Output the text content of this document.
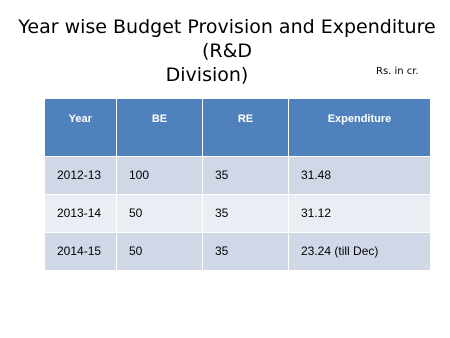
Year wise Budget Provision and Expenditure (R&D
Division)	Rs. in cr.
Year	BE	RE	Expenditure
2012-13	100	35	31.48
2013-14	50	35	31.12
2014-15	50	35	23.24 (till Dec)
